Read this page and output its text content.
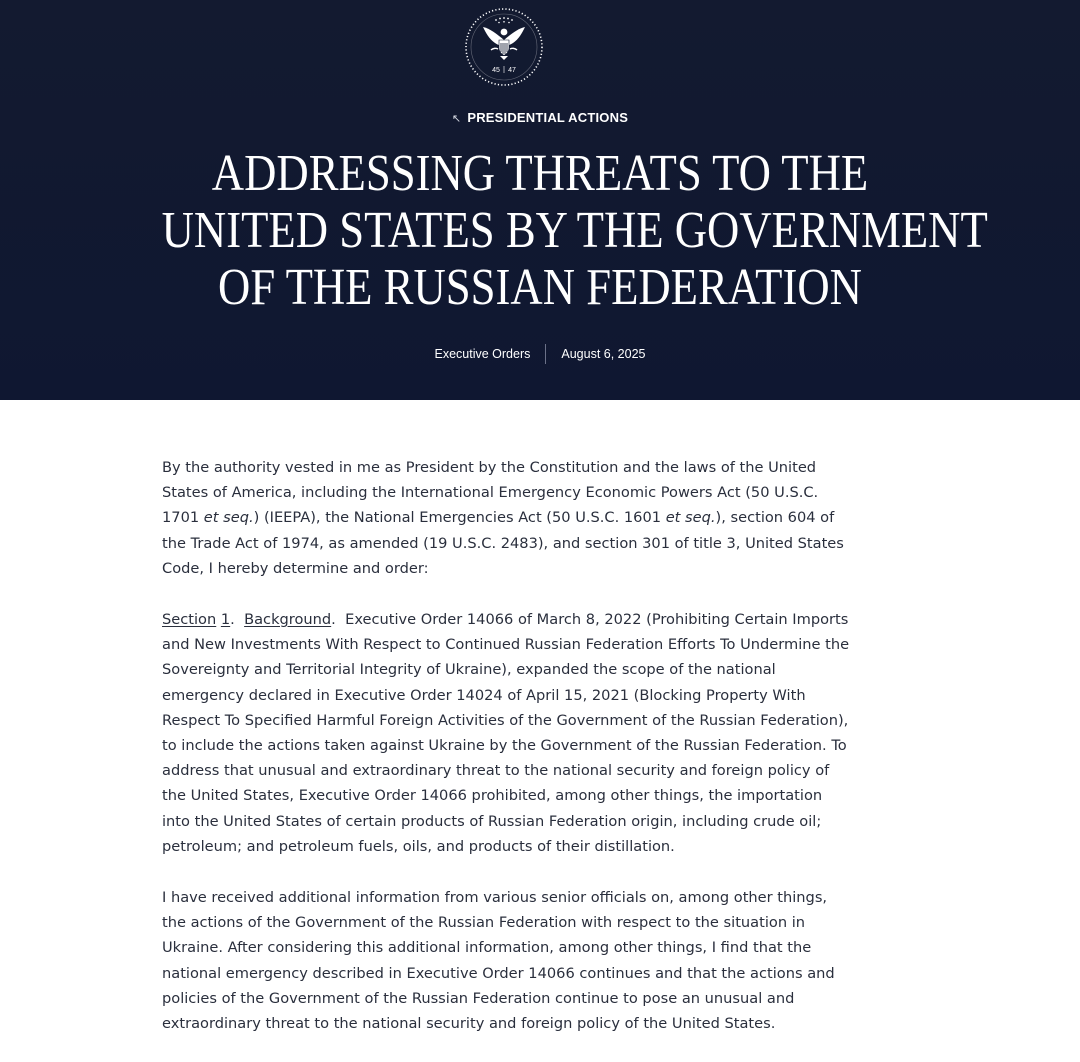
45 47
↖ PRESIDENTIAL ACTIONS
ADDRESSING THREATS TO THE
UNITED STATES BY THE GOVERNMENT
OF THE RUSSIAN FEDERATION
Executive Orders August 6, 2025

By the authority vested in me as President by the Constitution and the laws of the United States of America, including the International Emergency Economic Powers Act (50 U.S.C. 1701 et seq.) (IEEPA), the National Emergencies Act (50 U.S.C. 1601 et seq.), section 604 of the Trade Act of 1974, as amended (19 U.S.C. 2483), and section 301 of title 3, United States Code, I hereby determine and order:

Section 1.  Background.  Executive Order 14066 of March 8, 2022 (Prohibiting Certain Imports and New Investments With Respect to Continued Russian Federation Efforts To Undermine the Sovereignty and Territorial Integrity of Ukraine), expanded the scope of the national emergency declared in Executive Order 14024 of April 15, 2021 (Blocking Property With Respect To Specified Harmful Foreign Activities of the Government of the Russian Federation), to include the actions taken against Ukraine by the Government of the Russian Federation. To address that unusual and extraordinary threat to the national security and foreign policy of the United States, Executive Order 14066 prohibited, among other things, the importation into the United States of certain products of Russian Federation origin, including crude oil; petroleum; and petroleum fuels, oils, and products of their distillation.

I have received additional information from various senior officials on, among other things, the actions of the Government of the Russian Federation with respect to the situation in Ukraine. After considering this additional information, among other things, I find that the national emergency described in Executive Order 14066 continues and that the actions and policies of the Government of the Russian Federation continue to pose an unusual and extraordinary threat to the national security and foreign policy of the United States.
